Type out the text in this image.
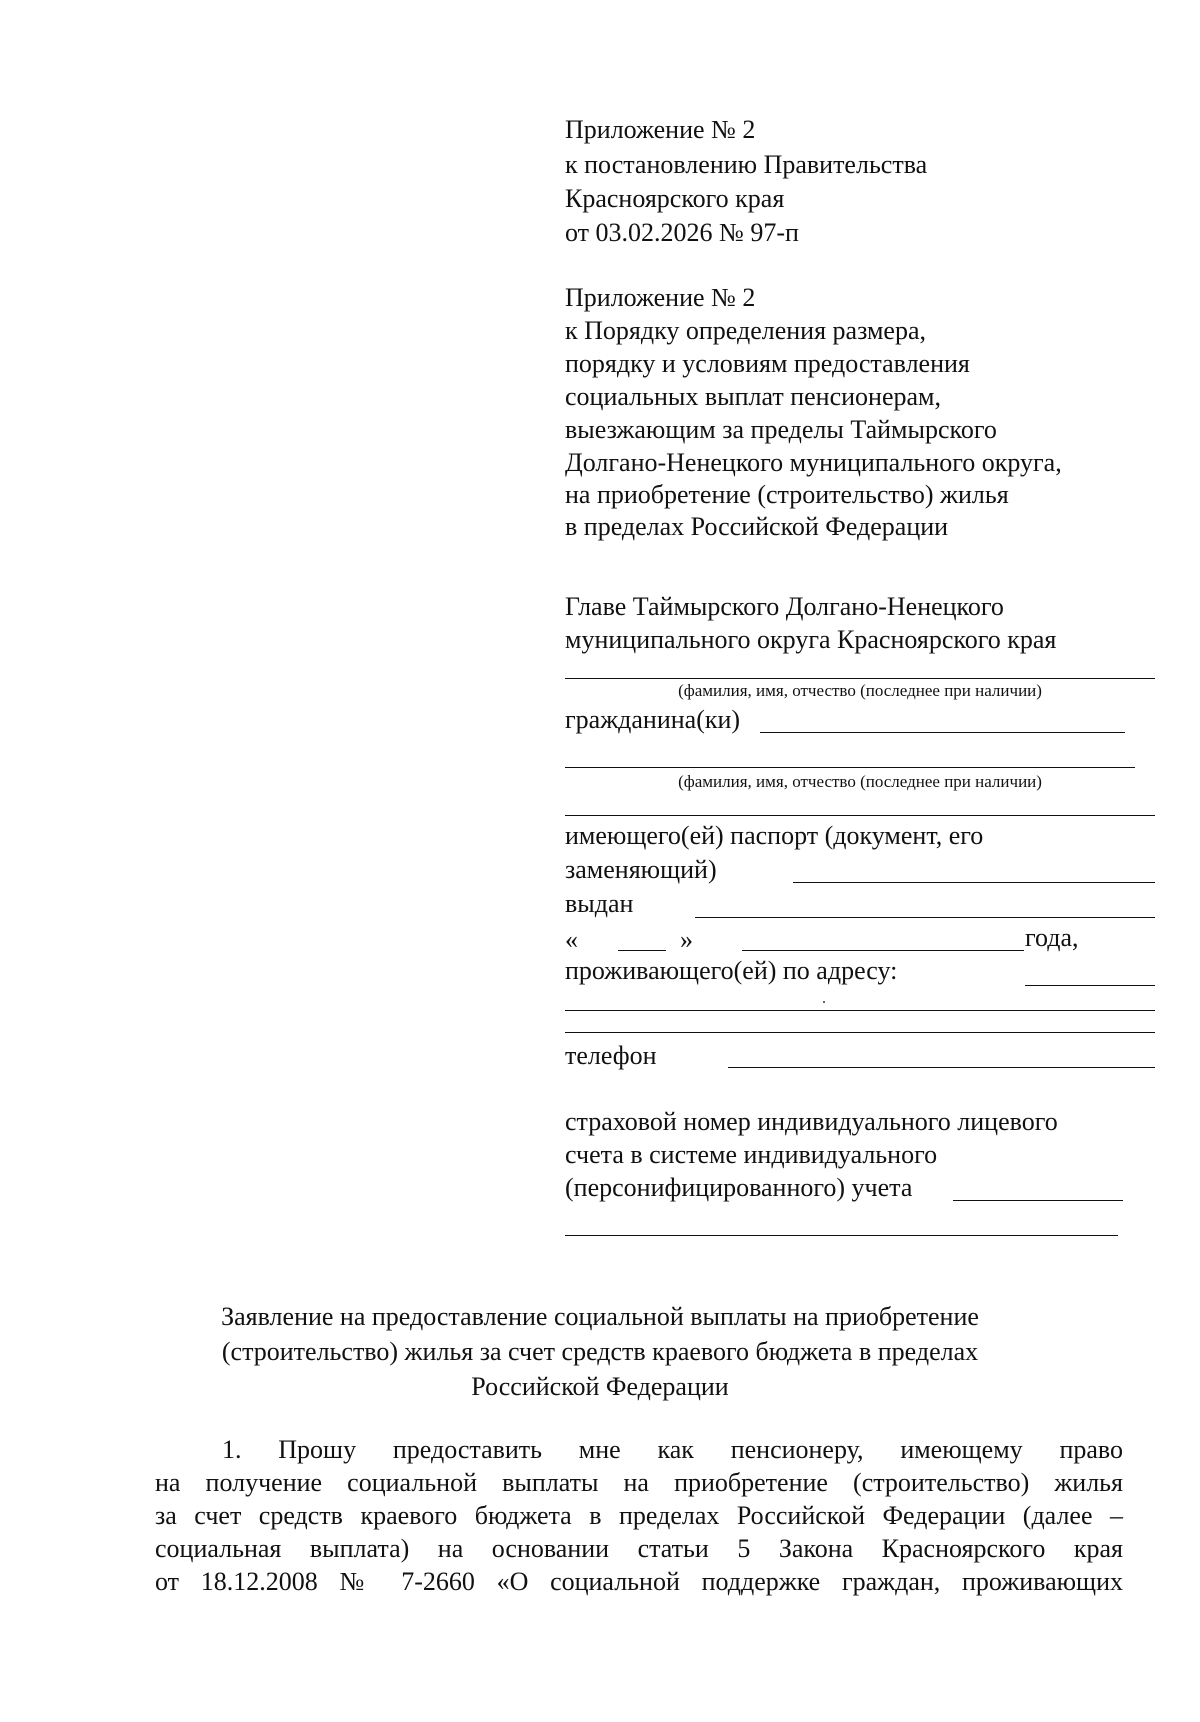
Приложение № 2
к постановлению Правительства
Красноярского края
от 03.02.2026 № 97-п
Приложение № 2
к Порядку определения размера,
порядку и условиям предоставления
социальных выплат пенсионерам,
выезжающим за пределы Таймырского
Долгано-Ненецкого муниципального округа,
на приобретение (строительство) жилья
в пределах Российской Федерации
Главе Таймырского Долгано-Ненецкого
муниципального округа Красноярского края
(фамилия, имя, отчество (последнее при наличии)
гражданина(ки)
(фамилия, имя, отчество (последнее при наличии)
имеющего(ей) паспорт (документ, его
заменяющий)
выдан
«	»	года,
проживающего(ей) по адресу:
телефон
страховой номер индивидуального лицевого
счета в системе индивидуального
(персонифицированного) учета
Заявление на предоставление социальной выплаты на приобретение
(строительство) жилья за счет средств краевого бюджета в пределах
Российской Федерации
1. Прошу предоставить мне как пенсионеру, имеющему право
на получение социальной выплаты на приобретение (строительство) жилья
за счет средств краевого бюджета в пределах Российской Федерации (далее –
социальная выплата) на основании статьи 5 Закона Красноярского края
от 18.12.2008 № 7-2660 «О социальной поддержке граждан, проживающих
